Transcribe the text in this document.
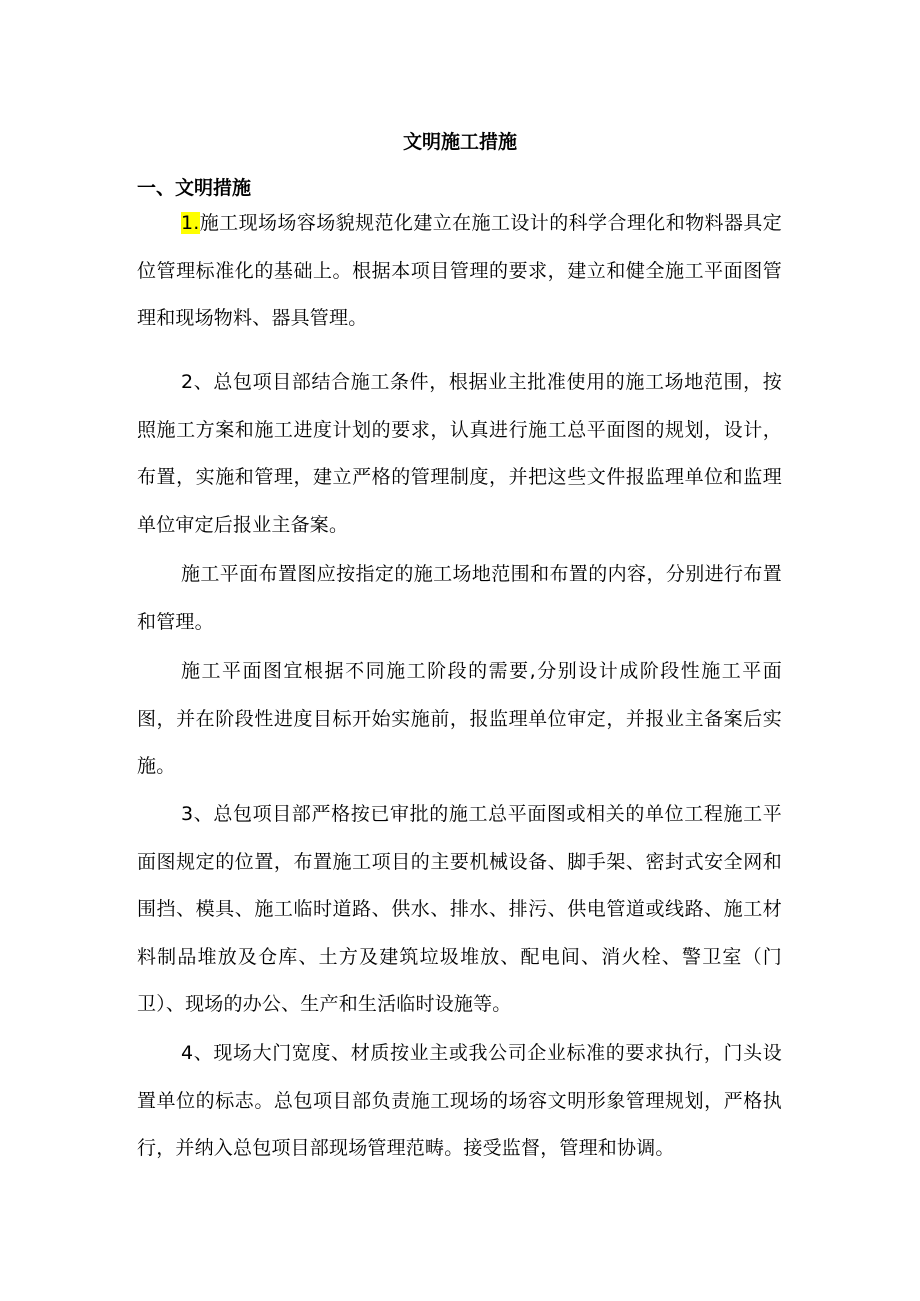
文明施工措施
一、文明措施

1.施工现场场容场貌规范化建立在施工设计的科学合理化和物料器具定位管理标准化的基础上。根据本项目管理的要求，建立和健全施工平面图管理和现场物料、器具管理。

2、总包项目部结合施工条件，根据业主批准使用的施工场地范围，按照施工方案和施工进度计划的要求，认真进行施工总平面图的规划，设计，布置，实施和管理，建立严格的管理制度，并把这些文件报监理单位和监理单位审定后报业主备案。

施工平面布置图应按指定的施工场地范围和布置的内容，分别进行布置和管理。

施工平面图宜根据不同施工阶段的需要,分别设计成阶段性施工平面图，并在阶段性进度目标开始实施前，报监理单位审定，并报业主备案后实施。

3、总包项目部严格按已审批的施工总平面图或相关的单位工程施工平面图规定的位置，布置施工项目的主要机械设备、脚手架、密封式安全网和围挡、模具、施工临时道路、供水、排水、排污、供电管道或线路、施工材料制品堆放及仓库、土方及建筑垃圾堆放、配电间、消火栓、警卫室（门卫）、现场的办公、生产和生活临时设施等。

4、现场大门宽度、材质按业主或我公司企业标准的要求执行，门头设置单位的标志。总包项目部负责施工现场的场容文明形象管理规划，严格执行，并纳入总包项目部现场管理范畴。接受监督，管理和协调。
